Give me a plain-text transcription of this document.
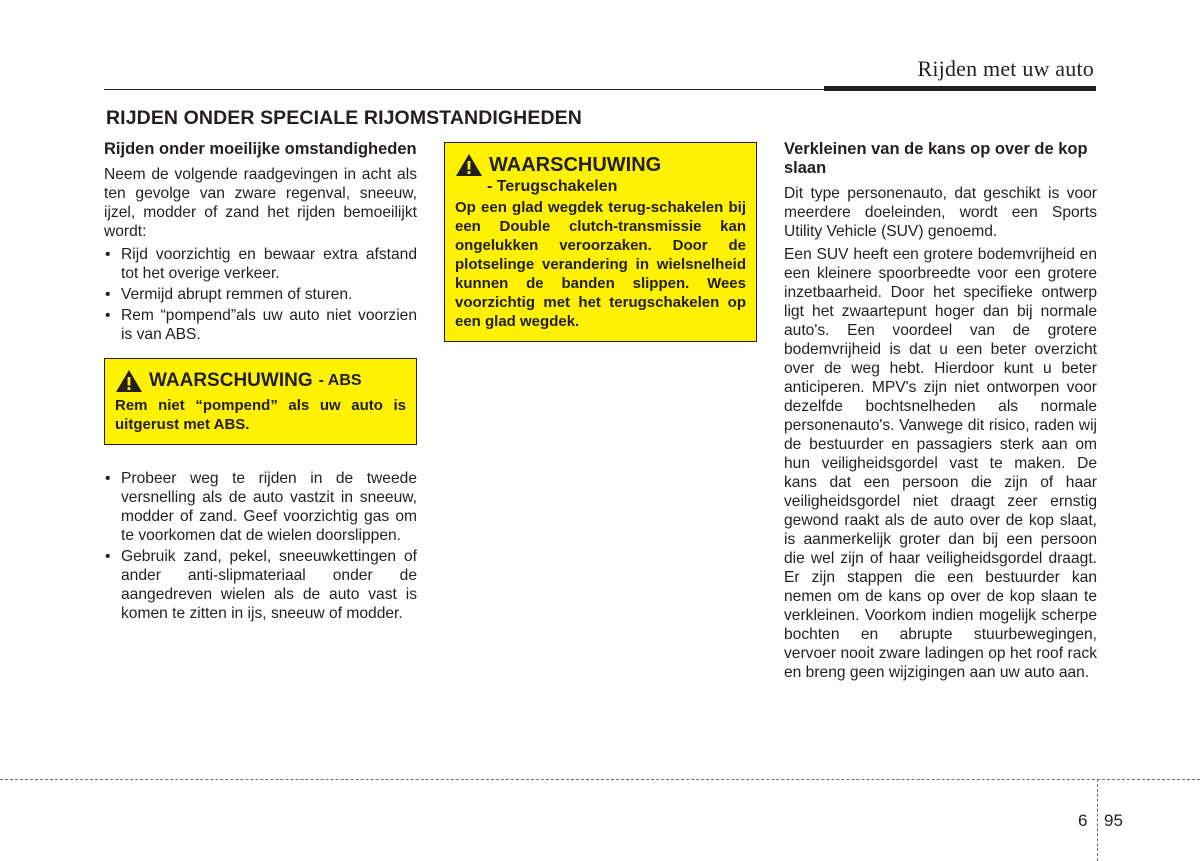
Rijden met uw auto
RIJDEN ONDER SPECIALE RIJOMSTANDIGHEDEN
Rijden onder moeilijke omstandigheden

Neem de volgende raadgevingen in acht als ten gevolge van zware regenval, sneeuw, ijzel, modder of zand het rijden bemoeilijkt wordt:

• Rijd voorzichtig en bewaar extra afstand tot het overige verkeer.
• Vermijd abrupt remmen of sturen.
• Rem “pompend”als uw auto niet voorzien is van ABS.
WAARSCHUWING - ABS
Rem niet “pompend” als uw auto is uitgerust met ABS.
• Probeer weg te rijden in de tweede versnelling als de auto vastzit in sneeuw, modder of zand. Geef voorzichtig gas om te voorkomen dat de wielen doorslippen.
• Gebruik zand, pekel, sneeuwkettingen of ander anti-slipmateriaal onder de aangedreven wielen als de auto vast is komen te zitten in ijs, sneeuw of modder.
WAARSCHUWING
- Terugschakelen
Op een glad wegdek terug-schakelen bij een Double clutch-transmissie kan ongelukken veroorzaken. Door de plotselinge verandering in wielsnelheid kunnen de banden slippen. Wees voorzichtig met het terugschakelen op een glad wegdek.
Verkleinen van de kans op over de kop slaan

Dit type personenauto, dat geschikt is voor meerdere doeleinden, wordt een Sports Utility Vehicle (SUV) genoemd.

Een SUV heeft een grotere bodemvrijheid en een kleinere spoorbreedte voor een grotere inzetbaarheid. Door het specifieke ontwerp ligt het zwaartepunt hoger dan bij normale auto's. Een voordeel van de grotere bodemvrijheid is dat u een beter overzicht over de weg hebt. Hierdoor kunt u beter anticiperen. MPV's zijn niet ontworpen voor dezelfde bochtsnelheden als normale personenauto's. Vanwege dit risico, raden wij de bestuurder en passagiers sterk aan om hun veiligheidsgordel vast te maken. De kans dat een persoon die zijn of haar veiligheidsgordel niet draagt zeer ernstig gewond raakt als de auto over de kop slaat, is aanmerkelijk groter dan bij een persoon die wel zijn of haar veiligheidsgordel draagt. Er zijn stappen die een bestuurder kan nemen om de kans op over de kop slaan te verkleinen. Voorkom indien mogelijk scherpe bochten en abrupte stuurbewegingen, vervoer nooit zware ladingen op het roof rack en breng geen wijzigingen aan uw auto aan.

6 95
